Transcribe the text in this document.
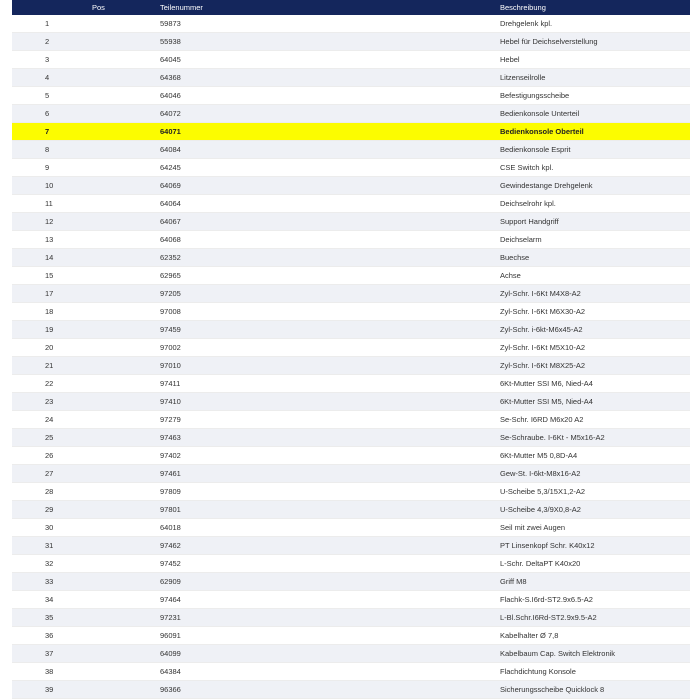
Pos	Teilenummer	Beschreibung
1	59873	Drehgelenk kpl.
2	55938	Hebel für Deichselverstellung
3	64045	Hebel
4	64368	Litzenseilrolle
5	64046	Befestigungsscheibe
6	64072	Bedienkonsole Unterteil
7	64071	Bedienkonsole Oberteil
8	64084	Bedienkonsole Esprit
9	64245	CSE Switch kpl.
10	64069	Gewindestange Drehgelenk
11	64064	Deichselrohr kpl.
12	64067	Support Handgriff
13	64068	Deichselarm
14	62352	Buechse
15	62965	Achse
17	97205	Zyl-Schr. I-6Kt M4X8-A2
18	97008	Zyl-Schr. I-6Kt M6X30-A2
19	97459	Zyl-Schr. i-6kt-M6x45-A2
20	97002	Zyl-Schr. I-6Kt M5X10-A2
21	97010	Zyl-Schr. I-6Kt M8X25-A2
22	97411	6Kt-Mutter SSI M6, Nied-A4
23	97410	6Kt-Mutter SSI M5, Nied-A4
24	97279	Se-Schr. I6RD M6x20 A2
25	97463	Se-Schraube. I-6Kt - M5x16-A2
26	97402	6Kt-Mutter M5 0,8D-A4
27	97461	Gew-St. I-6kt-M8x16-A2
28	97809	U-Scheibe 5,3/15X1,2-A2
29	97801	U-Scheibe 4,3/9X0,8-A2
30	64018	Seil mit zwei Augen
31	97462	PT Linsenkopf Schr. K40x12
32	97452	L-Schr. DeltaPT K40x20
33	62909	Griff M8
34	97464	Flachk-S.I6rd-ST2.9x6.5-A2
35	97231	L-Bl.Schr.I6Rd-ST2.9x9.5-A2
36	96091	Kabelhalter Ø 7,8
37	64099	Kabelbaum Cap. Switch Elektronik
38	64384	Flachdichtung Konsole
39	96366	Sicherungsscheibe Quicklock 8
